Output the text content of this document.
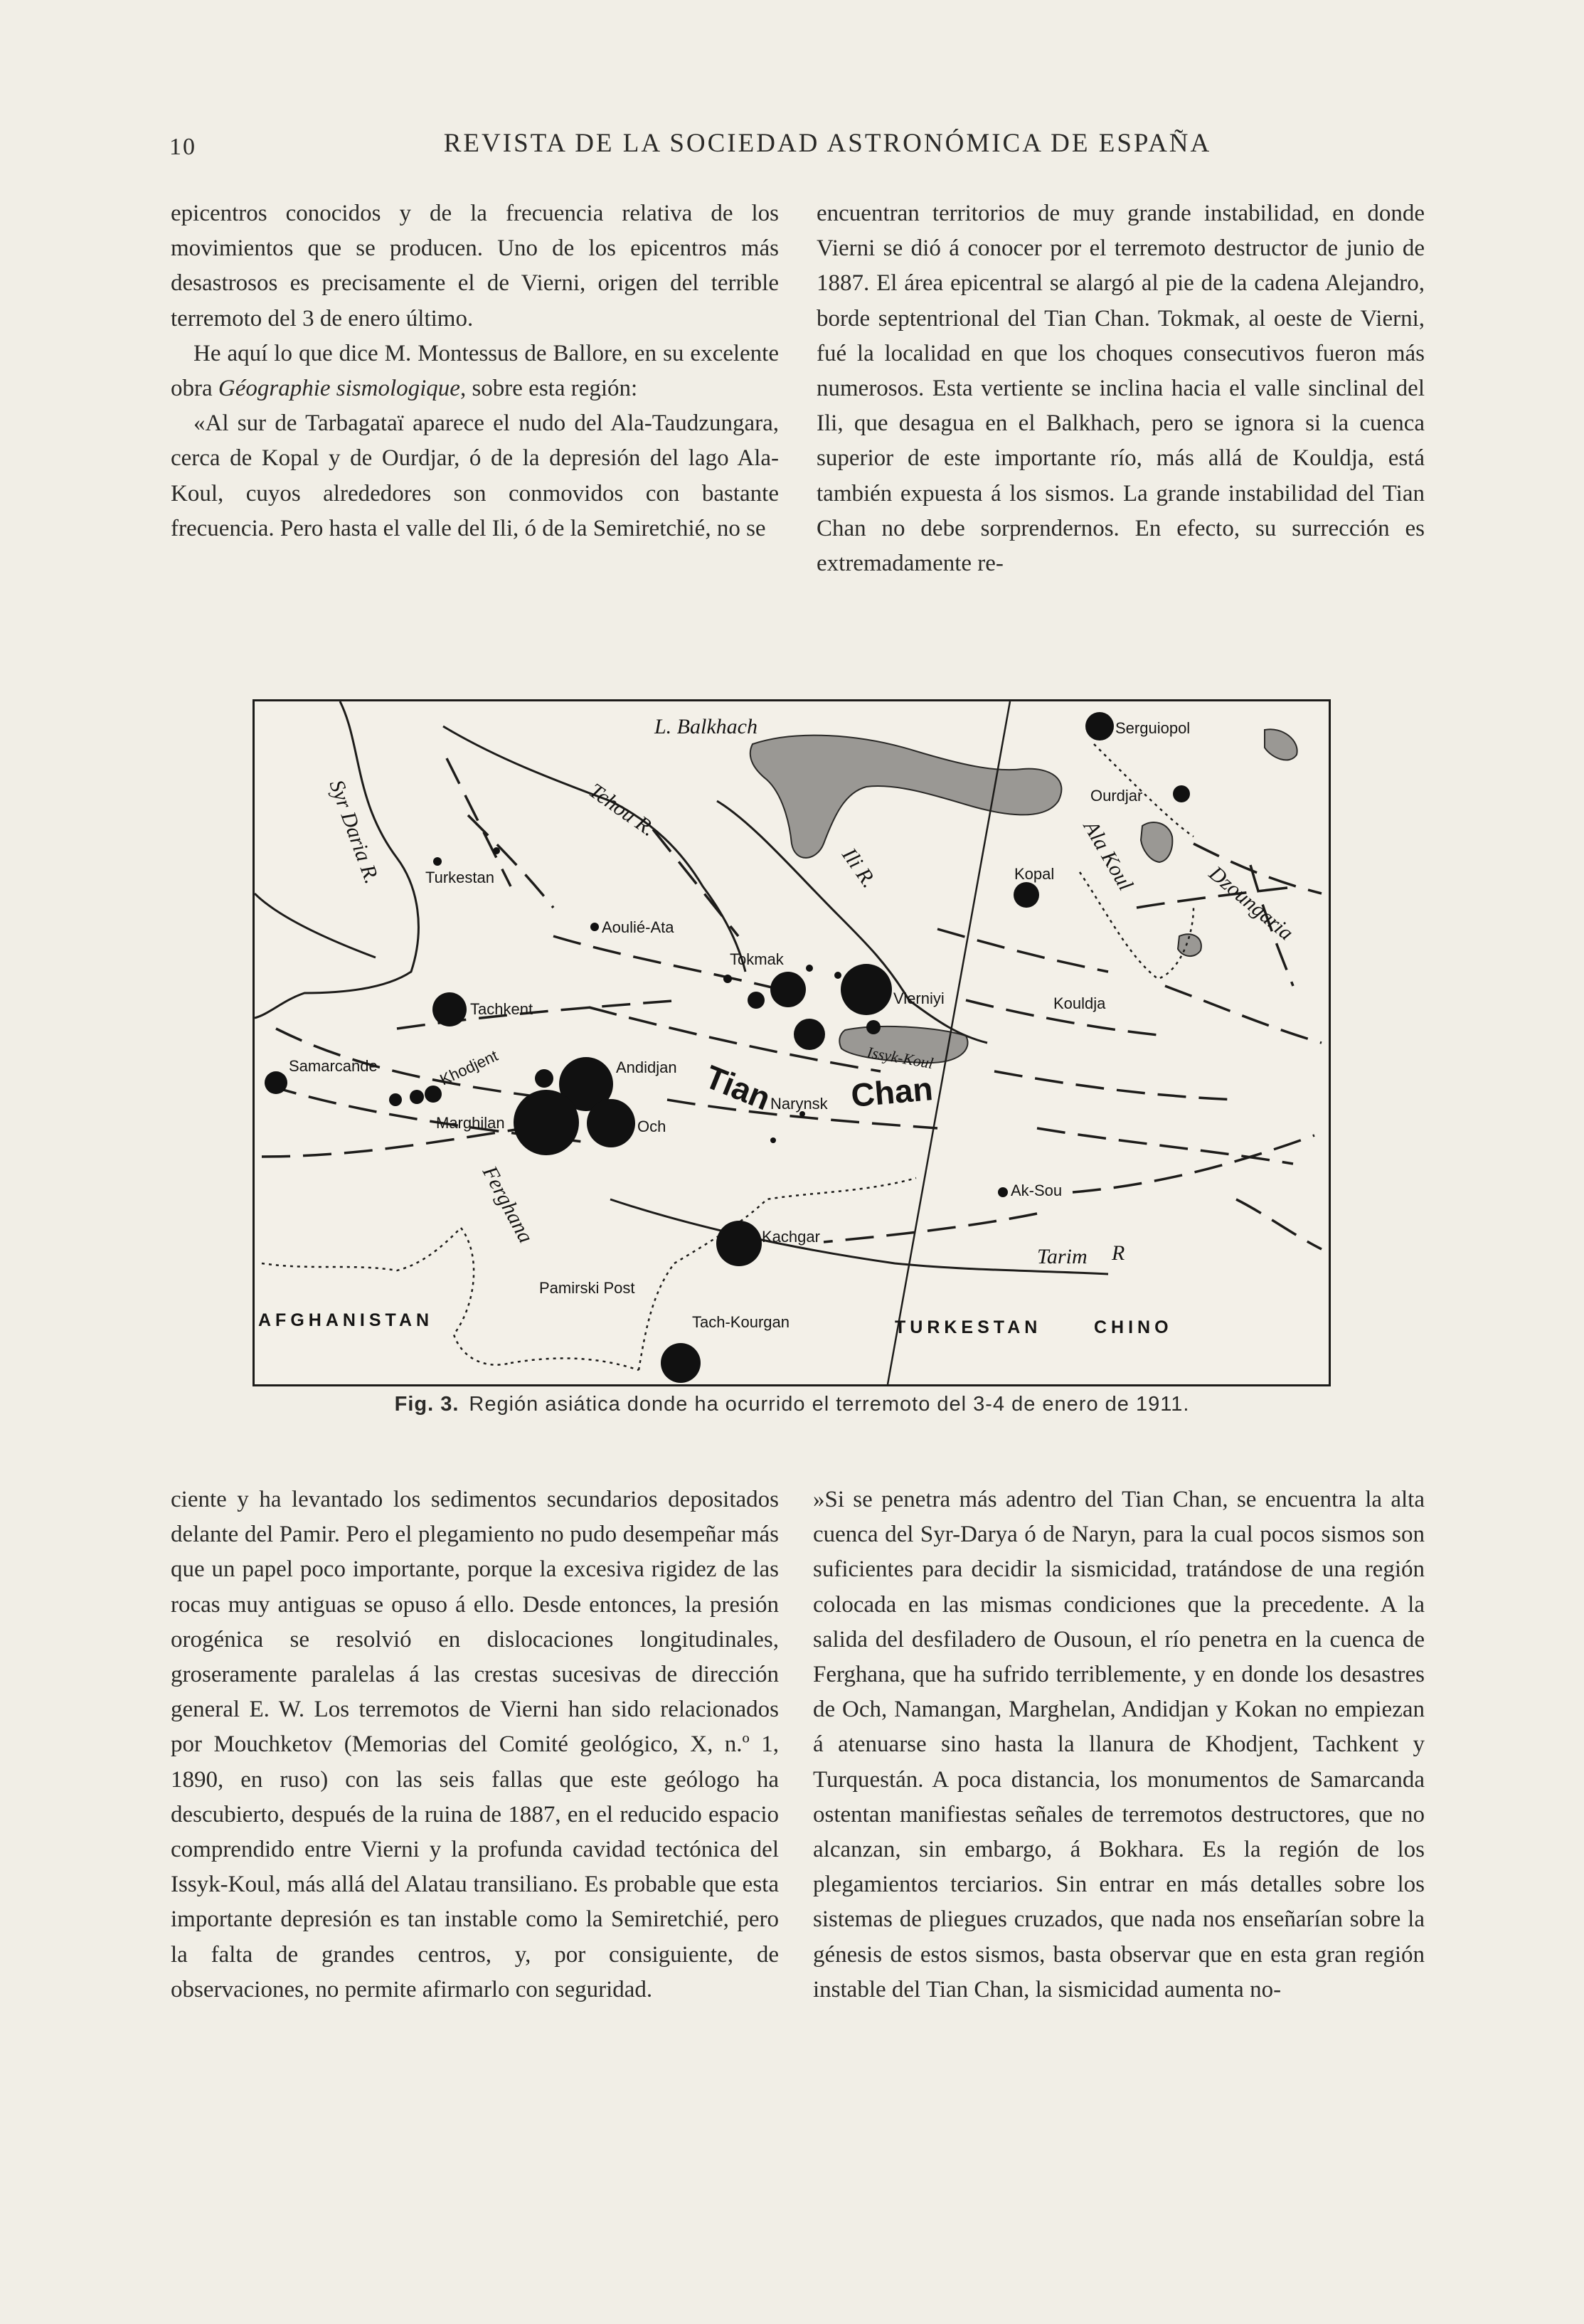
10	REVISTA DE LA SOCIEDAD ASTRONÓMICA DE ESPAÑA

epicentros conocidos y de la frecuencia relativa de los movimientos que se producen. Uno de los epicentros más desastrosos es precisamente el de Vierni, origen del terrible terremoto del 3 de enero último.

He aquí lo que dice M. Montessus de Ballore, en su excelente obra Géographie sismologique, sobre esta región:

«Al sur de Tarbagataï aparece el nudo del Ala-Taudzungara, cerca de Kopal y de Ourdjar, ó de la depresión del lago Ala-Koul, cuyos alrededores son conmovidos con bastante frecuencia. Pero hasta el valle del Ili, ó de la Semiretchié, no se

encuentran territorios de muy grande instabilidad, en donde Vierni se dió á conocer por el terremoto destructor de junio de 1887. El área epicentral se alargó al pie de la cadena Alejandro, borde septentrional del Tian Chan. Tokmak, al oeste de Vierni, fué la localidad en que los choques consecutivos fueron más numerosos. Esta vertiente se inclina hacia el valle sinclinal del Ili, que desagua en el Balkhach, pero se ignora si la cuenca superior de este importante río, más allá de Kouldja, está también expuesta á los sismos. La grande instabilidad del Tian Chan no debe sorprendernos. En efecto, su surrección es extremadamente re-

L. Balkhach
Tchou R.
Syr Daria R.	Ili R.	Ala Koul
Dzoungaria
Tian Chan
Ferghana
Tarim R
AFGHANISTAN	TURKESTAN	CHINO
Serguiopol
Ourdjar
Kopal
Turkestan
Aoulié-Ata
Tokmak
Vierniyi	Kouldja
Issyk-Koul
Tachkent
Samarcande	Khodjent	Andidjan
Narynsk
Marghilan	Och
Ak-Sou
Kachgar
Pamirski Post
Tach-Kourgan
Fig. 3. Región asiática donde ha ocurrido el terremoto del 3-4 de enero de 1911.

ciente y ha levantado los sedimentos secundarios depositados delante del Pamir. Pero el plegamiento no pudo desempeñar más que un papel poco importante, porque la excesiva rigidez de las rocas muy antiguas se opuso á ello. Desde entonces, la presión orogénica se resolvió en dislocaciones longitudinales, groseramente paralelas á las crestas sucesivas de dirección general E. W. Los terremotos de Vierni han sido relacionados por Mouchketov (Memorias del Comité geológico, X, n.º 1, 1890, en ruso) con las seis fallas que este geólogo ha descubierto, después de la ruina de 1887, en el reducido espacio comprendido entre Vierni y la profunda cavidad tectónica del Issyk-Koul, más allá del Alatau transiliano. Es probable que esta importante depresión es tan instable como la Semiretchié, pero la falta de grandes centros, y, por consiguiente, de observaciones, no permite afirmarlo con seguridad.

»Si se penetra más adentro del Tian Chan, se encuentra la alta cuenca del Syr-Darya ó de Naryn, para la cual pocos sismos son suficientes para decidir la sismicidad, tratándose de una región colocada en las mismas condiciones que la precedente. A la salida del desfiladero de Ousoun, el río penetra en la cuenca de Ferghana, que ha sufrido terriblemente, y en donde los desastres de Och, Namangan, Marghelan, Andidjan y Kokan no empiezan á atenuarse sino hasta la llanura de Khodjent, Tachkent y Turquestán. A poca distancia, los monumentos de Samarcanda ostentan manifiestas señales de terremotos destructores, que no alcanzan, sin embargo, á Bokhara. Es la región de los plegamientos terciarios. Sin entrar en más detalles sobre los sistemas de pliegues cruzados, que nada nos enseñarían sobre la génesis de estos sismos, basta observar que en esta gran región instable del Tian Chan, la sismicidad aumenta no-
